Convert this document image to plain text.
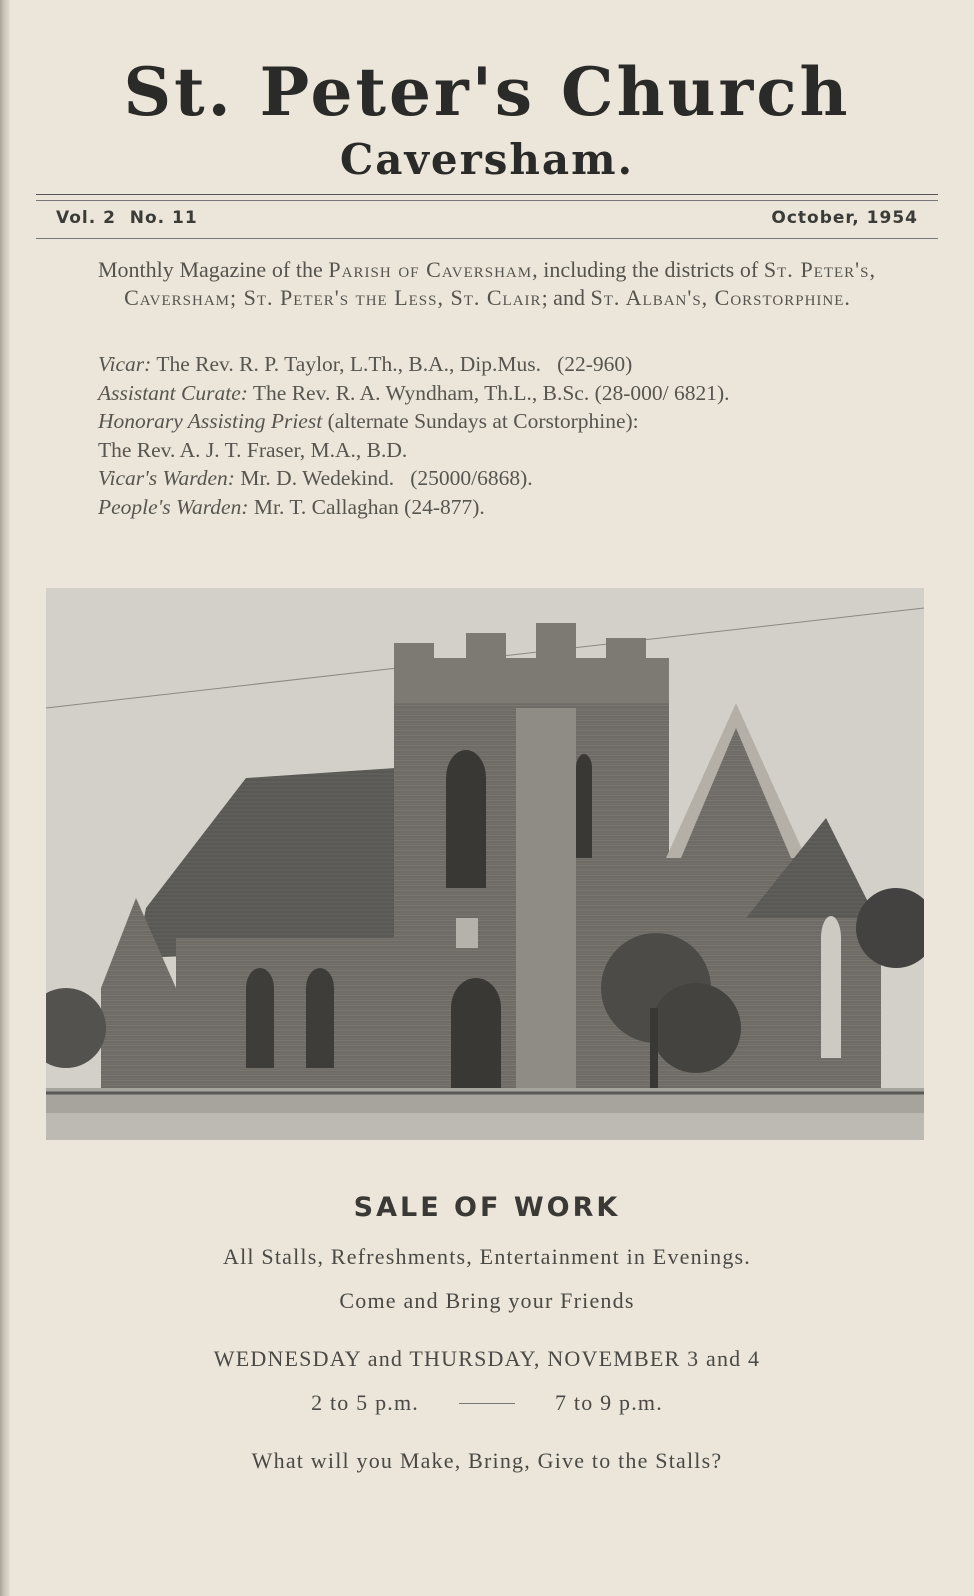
St. Peter's Church
Caversham.
Vol. 2  No. 11	October, 1954
Monthly Magazine of the Parish of Caversham, including the districts of St. Peter's, Caversham; St. Peter's the Less, St. Clair; and St. Alban's, Corstorphine.

Vicar: The Rev. R. P. Taylor, L.Th., B.A., Dip.Mus.   (22-960)

Assistant Curate: The Rev. R. A. Wyndham, Th.L., B.Sc. (28-000/ 6821).

Honorary Assisting Priest (alternate Sundays at Corstorphine):

The Rev. A. J. T. Fraser, M.A., B.D.

Vicar's Warden: Mr. D. Wedekind.   (25000/6868).

People's Warden: Mr. T. Callaghan (24-877).

SALE OF WORK

All Stalls, Refreshments, Entertainment in Evenings.

Come and Bring your Friends

WEDNESDAY and THURSDAY, NOVEMBER 3 and 4

2 to 5 p.m.	7 to 9 p.m.

What will you Make, Bring, Give to the Stalls?
